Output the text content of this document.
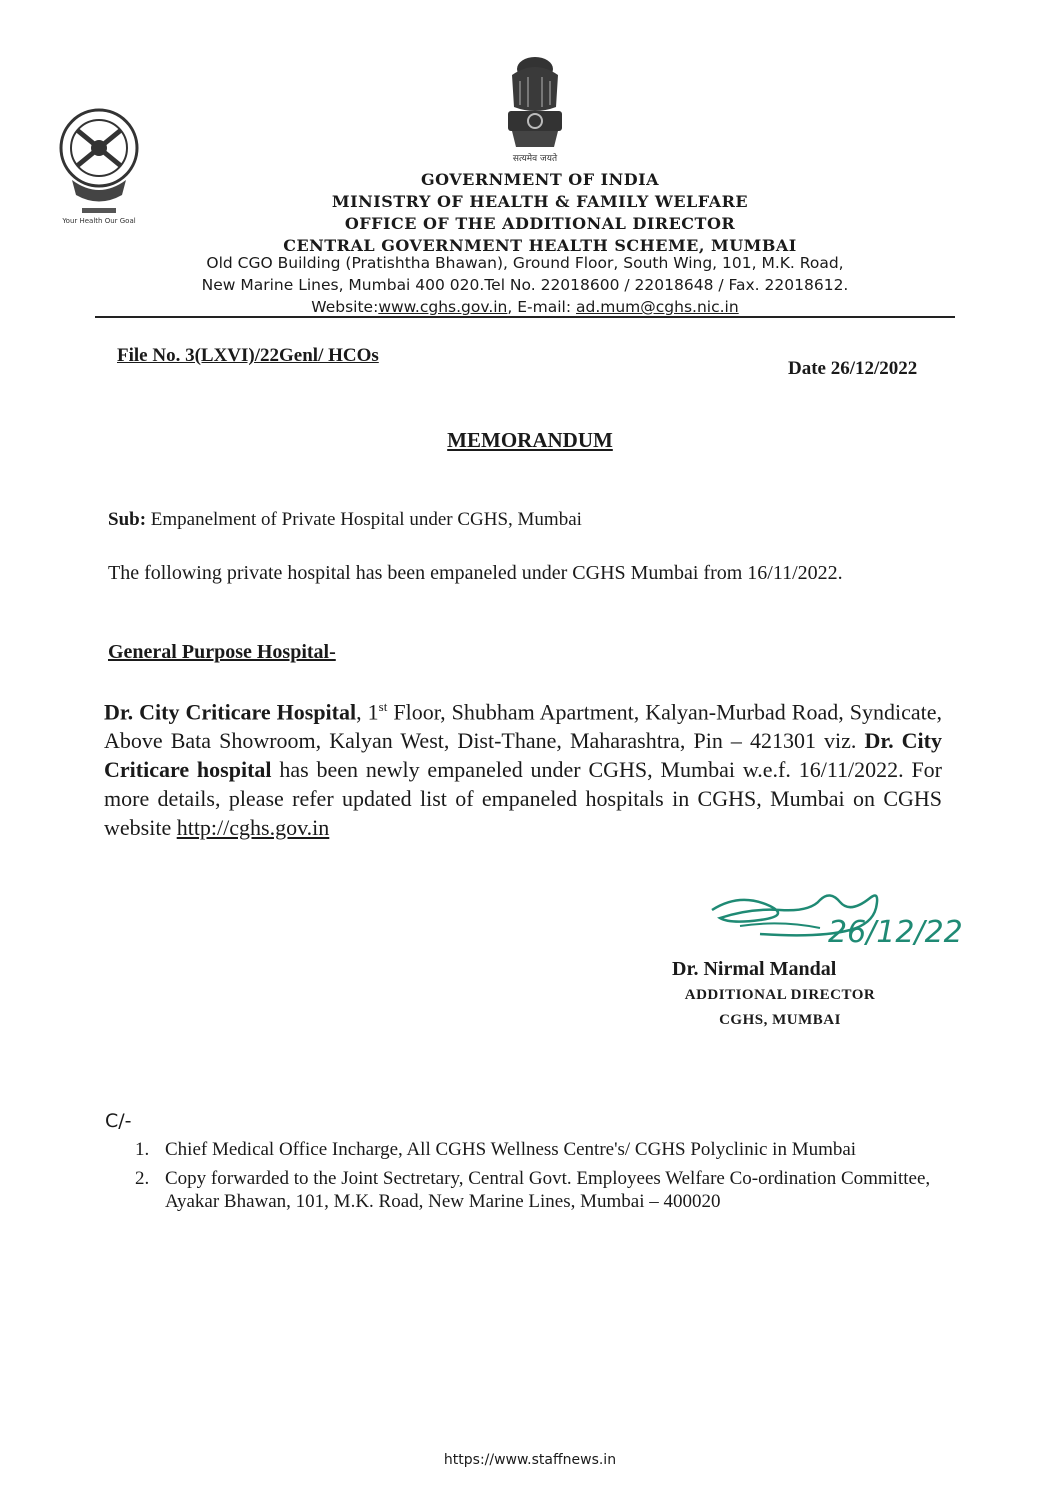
Your Health Our Goal
सत्यमेव जयते
GOVERNMENT OF INDIA
MINISTRY OF HEALTH & FAMILY WELFARE
OFFICE OF THE ADDITIONAL DIRECTOR
CENTRAL GOVERNMENT HEALTH SCHEME, MUMBAI
Old CGO Building (Pratishtha Bhawan), Ground Floor, South Wing, 101, M.K. Road,
New Marine Lines, Mumbai 400 020.Tel No. 22018600 / 22018648 / Fax. 22018612.
Website:www.cghs.gov.in, E-mail: ad.mum@cghs.nic.in
File No. 3(LXVI)/22Genl/ HCOs
Date 26/12/2022
MEMORANDUM
Sub: Empanelment of Private Hospital under CGHS, Mumbai
The following private hospital has been empaneled under CGHS Mumbai from 16/11/2022.
General Purpose Hospital-
Dr. City Criticare Hospital, 1st Floor, Shubham Apartment, Kalyan-Murbad Road, Syndicate, Above Bata Showroom, Kalyan West, Dist-Thane, Maharashtra, Pin – 421301 viz. Dr. City Criticare hospital has been newly empaneled under CGHS, Mumbai w.e.f. 16/11/2022. For more details, please refer updated list of empaneled hospitals in CGHS, Mumbai on CGHS website http://cghs.gov.in
26/12/22
Dr. Nirmal Mandal
ADDITIONAL DIRECTOR
CGHS, MUMBAI
C/-
1. Chief Medical Office Incharge, All CGHS Wellness Centre's/ CGHS Polyclinic in Mumbai
2. Copy forwarded to the Joint Sectretary, Central Govt. Employees Welfare Co-ordination Committee, Ayakar Bhawan, 101, M.K. Road, New Marine Lines, Mumbai – 400020
https://www.staffnews.in
